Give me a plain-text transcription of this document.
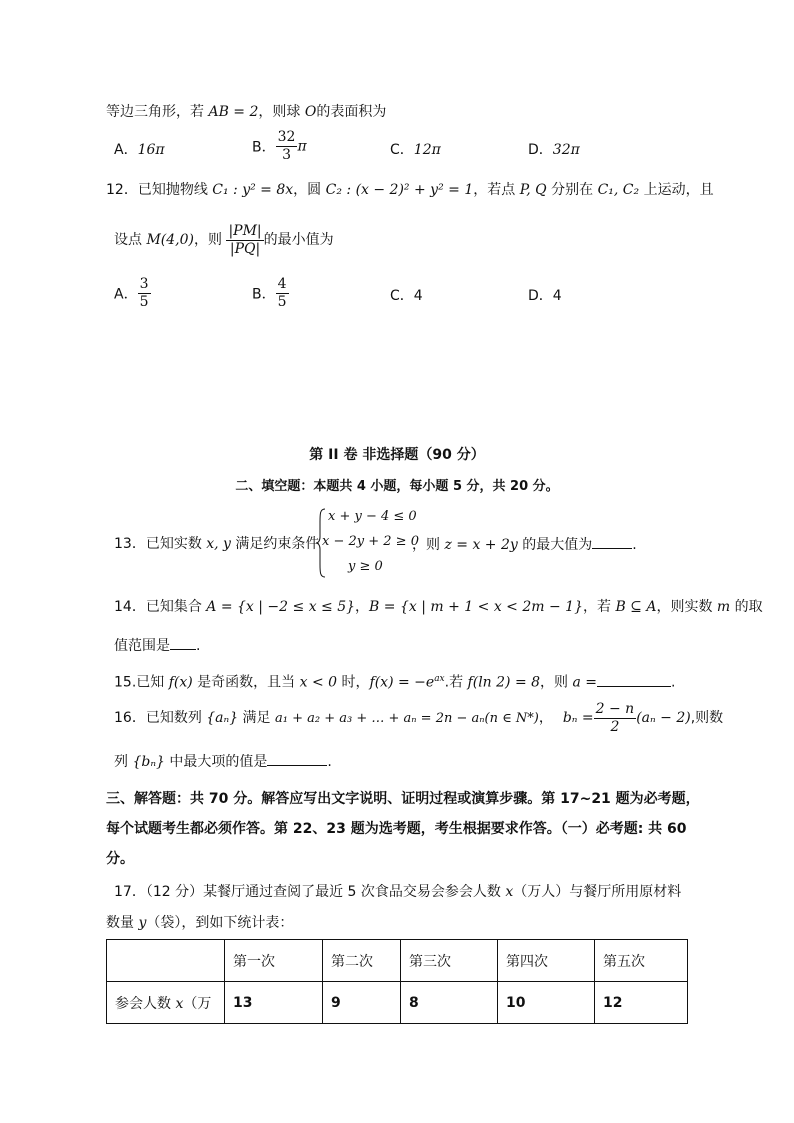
等边三角形，若 AB = 2，则球 O的表面积为
A．16π	B． $\frac{32}{3}$ π	C．12π	D．32π
12．已知抛物线 C₁ : y² = 8x，圆 C₂ : (x − 2)² + y² = 1，若点 P, Q 分别在 C₁, C₂ 上运动，且
设点 M(4,0)，则 $\frac{|PM|}{|PQ|}$ 的最小值为
A． $\frac{3}{5}$	B． $\frac{4}{5}$	C．4	D．4
第 II 卷 非选择题（90 分）
二、填空题：本题共 4 小题，每小题 5 分，共 20 分。
13．已知实数 x, y 满足约束条件
x + y − 4 ≤ 0
x − 2y + 2 ≥ 0
y ≥ 0
，则 z = x + 2y 的最大值为	.
14．已知集合 A = {x | −2 ≤ x ≤ 5}，B = {x | m + 1 < x < 2m − 1}，若 B ⊆ A，则实数 m 的取
值范围是 .
15.已知 f(x) 是奇函数，且当 x < 0 时，$f(x) = -e^{ax}$.若 f(ln 2) = 8，则 a =	.
16．已知数列 {aₙ} 满足 a₁ + a₂ + a₃ + … + aₙ = 2n − aₙ(n ∈ N*)， $b_n = \frac{2 - n}{2} (a_n - 2)$,则数
列 {bₙ} 中最大项的值是	.
三、解答题：共 70 分。解答应写出文字说明、证明过程或演算步骤。第 17~21 题为必考题，
每个试题考生都必须作答。第 22、23 题为选考题，考生根据要求作答。（一）必考题: 共 60
分。
17．（12 分）某餐厅通过查阅了最近 5 次食品交易会参会人数 x（万人）与餐厅所用原材料
数量 y（袋），到如下统计表：
	第一次	第二次	第三次	第四次	第五次
参会人数 x（万	13	9	8	10	12
